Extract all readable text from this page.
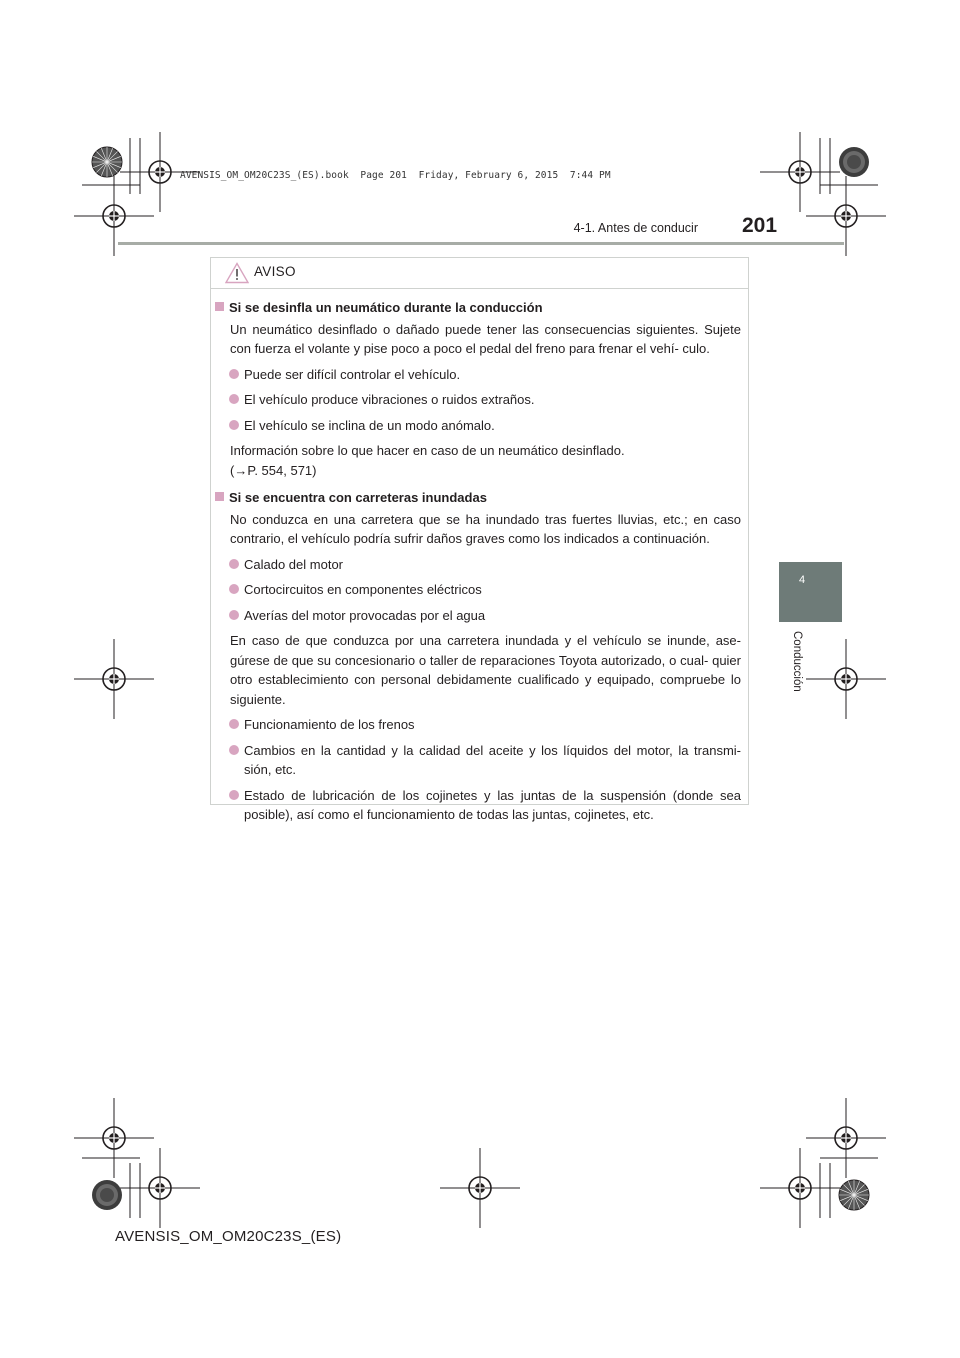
AVENSIS_OM_OM20C23S_(ES).book  Page 201  Friday, February 6, 2015  7:44 PM
4-1. Antes de conducir 201
4
Conducción
AVISO
Si se desinfla un neumático durante la conducción
Un neumático desinflado o dañado puede tener las consecuencias siguientes. Sujete con fuerza el volante y pise poco a poco el pedal del freno para frenar el vehí- culo.
Puede ser difícil controlar el vehículo.
El vehículo produce vibraciones o ruidos extraños.
El vehículo se inclina de un modo anómalo.
Información sobre lo que hacer en caso de un neumático desinflado.
(→P. 554, 571)
Si se encuentra con carreteras inundadas
No conduzca en una carretera que se ha inundado tras fuertes lluvias, etc.; en caso contrario, el vehículo podría sufrir daños graves como los indicados a continuación.
Calado del motor
Cortocircuitos en componentes eléctricos
Averías del motor provocadas por el agua
En caso de que conduzca por una carretera inundada y el vehículo se inunde, ase- gúrese de que su concesionario o taller de reparaciones Toyota autorizado, o cual- quier otro establecimiento con personal debidamente cualificado y equipado, compruebe lo siguiente.
Funcionamiento de los frenos
Cambios en la cantidad y la calidad del aceite y los líquidos del motor, la transmi- sión, etc.
Estado de lubricación de los cojinetes y las juntas de la suspensión (donde sea posible), así como el funcionamiento de todas las juntas, cojinetes, etc.
AVENSIS_OM_OM20C23S_(ES)
